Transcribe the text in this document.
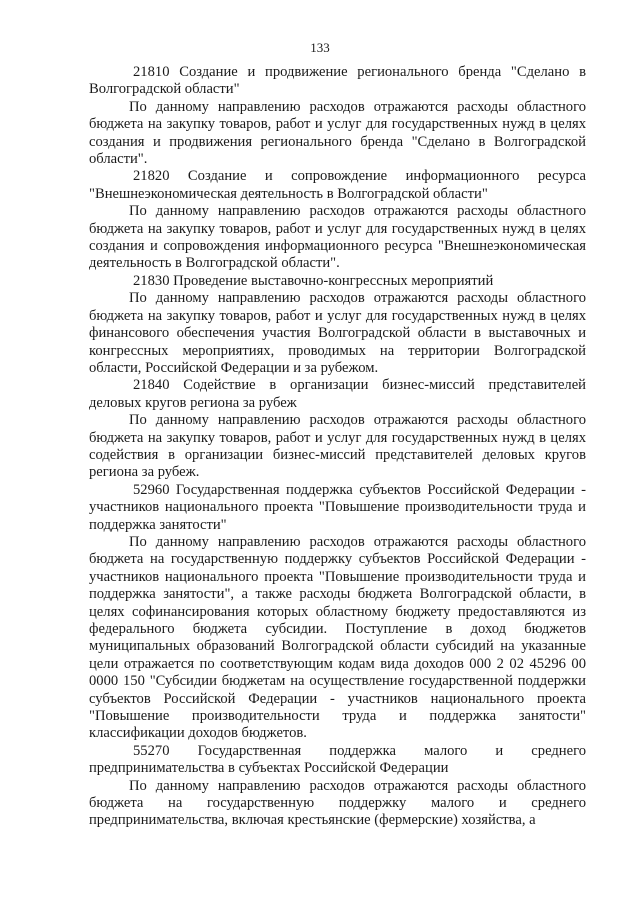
133

21810 Создание и продвижение регионального бренда "Сделано в Волгоградской области"

По данному направлению расходов отражаются расходы областного бюджета на закупку товаров, работ и услуг для государственных нужд в целях создания и продвижения регионального бренда "Сделано в Волгоградской области".

21820 Создание и сопровождение информационного ресурса "Внешнеэкономическая деятельность в Волгоградской области"

По данному направлению расходов отражаются расходы областного бюджета на закупку товаров, работ и услуг для государственных нужд в целях создания и сопровождения информационного ресурса "Внешнеэкономическая деятельность в Волгоградской области".

21830 Проведение выставочно-конгрессных мероприятий

По данному направлению расходов отражаются расходы областного бюджета на закупку товаров, работ и услуг для государственных нужд в целях финансового обеспечения участия Волгоградской области в выставочных и конгрессных мероприятиях, проводимых на территории Волгоградской области, Российской Федерации и за рубежом.

21840 Содействие в организации бизнес-миссий представителей деловых кругов региона за рубеж

По данному направлению расходов отражаются расходы областного бюджета на закупку товаров, работ и услуг для государственных нужд в целях содействия в организации бизнес-миссий представителей деловых кругов региона за рубеж.

52960 Государственная поддержка субъектов Российской Федерации - участников национального проекта "Повышение производительности труда и поддержка занятости"

По данному направлению расходов отражаются расходы областного бюджета на государственную поддержку субъектов Российской Федерации - участников национального проекта "Повышение производительности труда и поддержка занятости", а также расходы бюджета Волгоградской области, в целях софинансирования которых областному бюджету предоставляются из федерального бюджета субсидии. Поступление в доход бюджетов муниципальных образований Волгоградской области субсидий на указанные цели отражается по соответствующим кодам вида доходов 000 2 02 45296 00 0000 150 "Субсидии бюджетам на осуществление государственной поддержки субъектов Российской Федерации - участников национального проекта "Повышение производительности труда и поддержка занятости" классификации доходов бюджетов.

55270 Государственная поддержка малого и среднего предпринимательства в субъектах Российской Федерации

По данному направлению расходов отражаются расходы областного бюджета на государственную поддержку малого и среднего предпринимательства, включая крестьянские (фермерские) хозяйства, а
